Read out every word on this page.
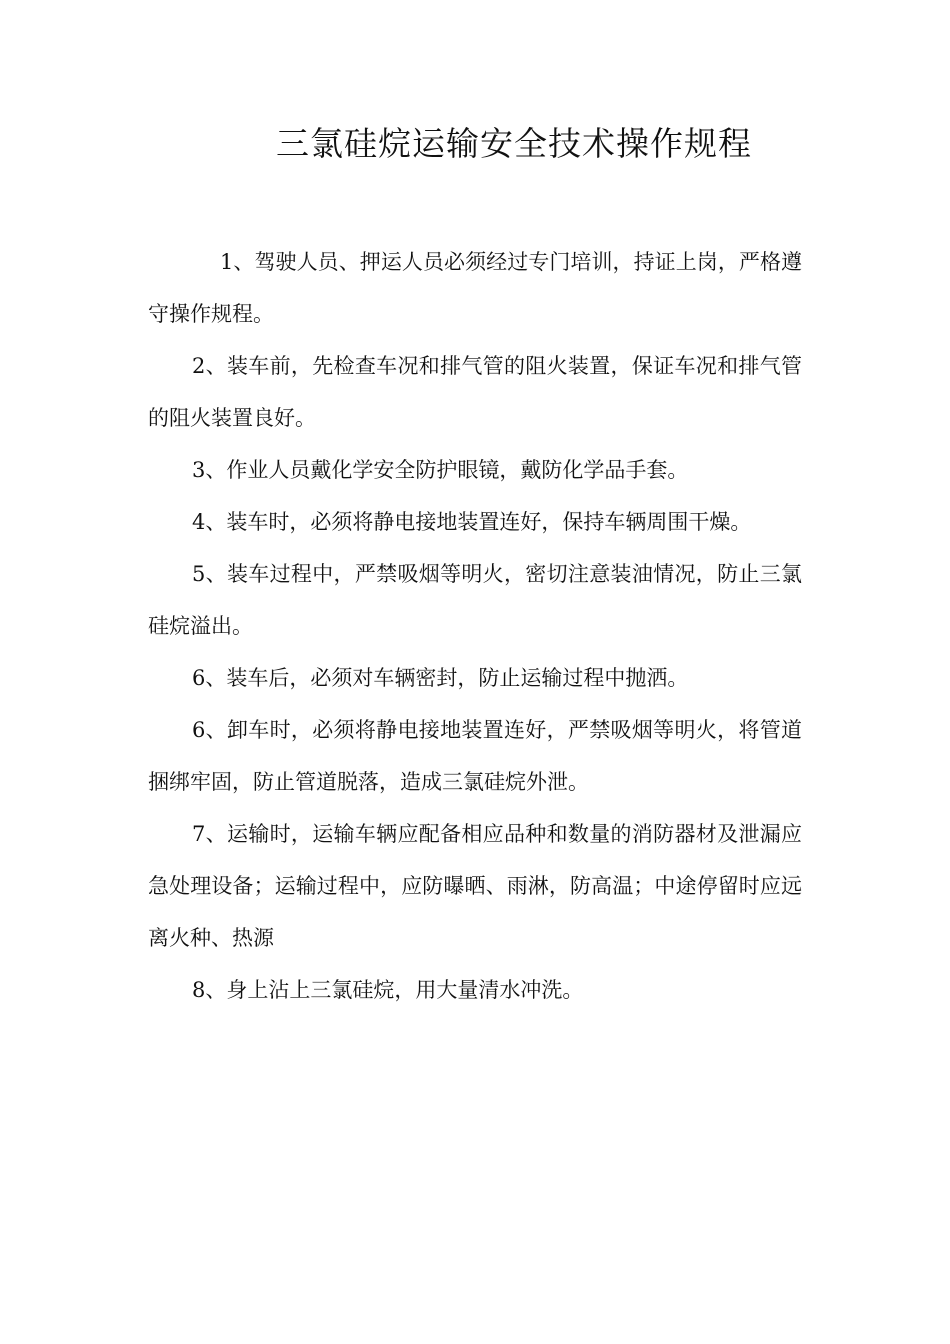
三氯硅烷运输安全技术操作规程

1、驾驶人员、押运人员必须经过专门培训，持证上岗，严格遵守操作规程。

2、装车前，先检查车况和排气管的阻火装置，保证车况和排气管的阻火装置良好。

3、作业人员戴化学安全防护眼镜，戴防化学品手套。

4、装车时，必须将静电接地装置连好，保持车辆周围干燥。

5、装车过程中，严禁吸烟等明火，密切注意装油情况，防止三氯硅烷溢出。

6、装车后，必须对车辆密封，防止运输过程中抛洒。

6、卸车时，必须将静电接地装置连好，严禁吸烟等明火，将管道捆绑牢固，防止管道脱落，造成三氯硅烷外泄。

7、运输时，运输车辆应配备相应品种和数量的消防器材及泄漏应急处理设备；运输过程中，应防曝晒、雨淋，防高温；中途停留时应远离火种、热源

8、身上沾上三氯硅烷，用大量清水冲洗。
